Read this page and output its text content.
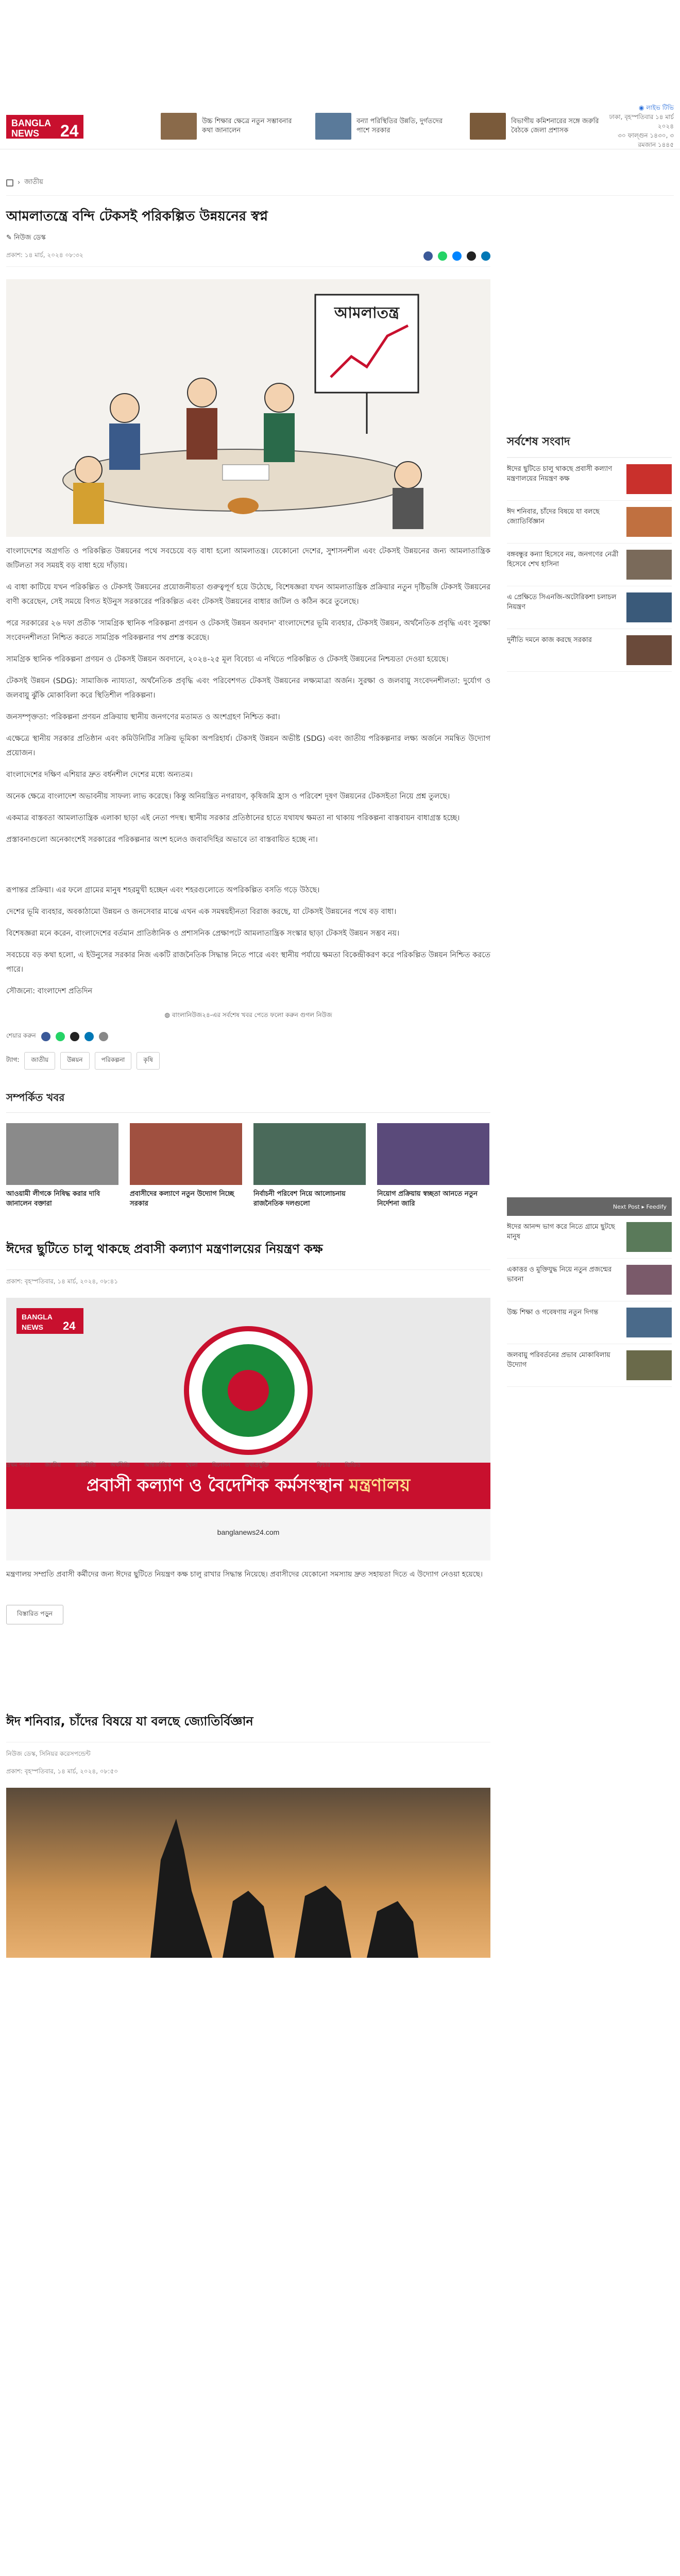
BANGLA
NEWS 24
উচ্চ শিক্ষার ক্ষেত্রে নতুন সম্ভাবনার কথা জানালেন
বন্যা পরিস্থিতির উন্নতি, দুর্গতদের পাশে সরকার
বিভাগীয় কমিশনারের সঙ্গে জরুরি বৈঠকে জেলা প্রশাসক
◉ লাইভ টিভি
ঢাকা, বৃহস্পতিবার ১৪ মার্চ ২০২৪
৩০ ফাল্গুন ১৪৩০, ৩ রমজান ১৪৪৫
› জাতীয়
আমলাতন্ত্রে বন্দি টেকসই পরিকল্পিত উন্নয়নের স্বপ্ন
✎ নিউজ ডেস্ক
প্রকাশ: ১৪ মার্চ, ২০২৪ ০৮:৩২
আমলাতন্ত্র

বাংলাদেশের অগ্রগতি ও পরিকল্পিত উন্নয়নের পথে সবচেয়ে বড় বাধা হলো আমলাতন্ত্র। যেকোনো দেশের, সুশাসনশীল এবং টেকসই উন্নয়নের জন্য আমলাতান্ত্রিক জটিলতা সব সময়ই বড় বাধা হয়ে দাঁড়ায়।

এ বাধা কাটিয়ে যখন পরিকল্পিত ও টেকসই উন্নয়নের প্রয়োজনীয়তা গুরুত্বপূর্ণ হয়ে উঠেছে, বিশেষজ্ঞরা যখন আমলাতান্ত্রিক প্রক্রিয়ার নতুন দৃষ্টিভঙ্গি টেকসই উন্নয়নের বাণী করেছেন, সেই সময়ে বিগত ইউনুস সরকারের পরিকল্পিত এবং টেকসই উন্নয়নের বাধার জটিল ও কঠিন করে তুলেছে।

পরে সরকারের ২৬ দফা প্রতীক 'সামগ্রিক স্থানিক পরিকল্পনা প্রণয়ন ও টেকসই উন্নয়ন অবদান' বাংলাদেশের ভূমি ব্যবহার, টেকসই উন্নয়ন, অর্থনৈতিক প্রবৃদ্ধি এবং সুরক্ষা সংবেদনশীলতা নিশ্চিত করতে সামগ্রিক পরিকল্পনার পথ প্রশস্ত করেছে।

সামগ্রিক স্থানিক পরিকল্পনা প্রণয়ন ও টেকসই উন্নয়ন অবদানে, ২০২৪-২৫ মূল বিবেচ্য এ নথিতে পরিকল্পিত ও টেকসই উন্নয়নের নিশ্চয়তা দেওয়া হয়েছে।

টেকসই উন্নয়ন (SDG): সামাজিক ন্যায্যতা, অর্থনৈতিক প্রবৃদ্ধি এবং পরিবেশগত টেকসই উন্নয়নের লক্ষ্যমাত্রা অর্জন। সুরক্ষা ও জলবায়ু সংবেদনশীলতা: দুর্যোগ ও জলবায়ু ঝুঁকি মোকাবিলা করে স্থিতিশীল পরিকল্পনা।

জনসম্পৃক্ততা: পরিকল্পনা প্রণয়ন প্রক্রিয়ায় স্থানীয় জনগণের মতামত ও অংশগ্রহণ নিশ্চিত করা।

এক্ষেত্রে স্থানীয় সরকার প্রতিষ্ঠান এবং কমিউনিটির সক্রিয় ভূমিকা অপরিহার্য। টেকসই উন্নয়ন অভীষ্ট (SDG) এবং জাতীয় পরিকল্পনার লক্ষ্য অর্জনে সমন্বিত উদ্যোগ প্রয়োজন।

বাংলাদেশের দক্ষিণ এশিয়ার দ্রুত বর্ধনশীল দেশের মধ্যে অন্যতম।

অনেক ক্ষেত্রে বাংলাদেশ অভাবনীয় সাফল্য লাভ করেছে। কিন্তু অনিয়ন্ত্রিত নগরায়ণ, কৃষিজমি হ্রাস ও পরিবেশ দূষণ উন্নয়নের টেকসইতা নিয়ে প্রশ্ন তুলছে।

একমাত্র বাস্তবতা আমলাতান্ত্রিক এলাকা ছাড়া এই নেতা পদস্থ। স্থানীয় সরকার প্রতিষ্ঠানের হাতে যথাযথ ক্ষমতা না থাকায় পরিকল্পনা বাস্তবায়ন বাধাগ্রস্ত হচ্ছে।

প্রস্তাবনাগুলো অনেকাংশেই সরকারের পরিকল্পনার অংশ হলেও জবাবদিহির অভাবে তা বাস্তবায়িত হচ্ছে না।

রূপান্তর প্রক্রিয়া। এর ফলে গ্রামের মানুষ শহরমুখী হচ্ছেন এবং শহরগুলোতে অপরিকল্পিত বসতি গড়ে উঠছে।

দেশের ভূমি ব্যবহার, অবকাঠামো উন্নয়ন ও জনসেবার মাঝে এখন এক সমন্বয়হীনতা বিরাজ করছে, যা টেকসই উন্নয়নের পথে বড় বাধা।

বিশেষজ্ঞরা মনে করেন, বাংলাদেশের বর্তমান প্রাতিষ্ঠানিক ও প্রশাসনিক প্রেক্ষাপটে আমলাতান্ত্রিক সংস্কার ছাড়া টেকসই উন্নয়ন সম্ভব নয়।

সবচেয়ে বড় কথা হলো, এ ইউনুসের সরকার নিজ একটি রাজনৈতিক সিদ্ধান্ত নিতে পারে এবং স্থানীয় পর্যায়ে ক্ষমতা বিকেন্দ্রীকরণ করে পরিকল্পিত উন্নয়ন নিশ্চিত করতে পারে।

সৌজন্যে: বাংলাদেশ প্রতিদিন

◍ বাংলানিউজ২৪-এর সর্বশেষ খবর পেতে ফলো করুন গুগল নিউজ
শেয়ার করুন
ট্যাগ:	জাতীয়	উন্নয়ন	পরিকল্পনা	কৃষি
সম্পর্কিত খবর
আওয়ামী লীগকে নিষিদ্ধ করার দাবি জানালেন বক্তারা
প্রবাসীদের কল্যাণে নতুন উদ্যোগ নিচ্ছে সরকার
নির্বাচনী পরিবেশ নিয়ে আলোচনায় রাজনৈতিক দলগুলো
নিয়োগ প্রক্রিয়ায় স্বচ্ছতা আনতে নতুন নির্দেশনা জারি
ঈদের ছুটিতে চালু থাকছে প্রবাসী কল্যাণ মন্ত্রণালয়ের নিয়ন্ত্রণ কক্ষ
প্রকাশ: বৃহস্পতিবার, ১৪ মার্চ, ২০২৪, ০৮:৪১
BANGLA
NEWS 24
প্রবাসী কল্যাণ ও বৈদেশিক কর্মসংস্থান মন্ত্রণালয়
banglanews24.com

মন্ত্রণালয় সম্প্রতি প্রবাসী কর্মীদের জন্য ঈদের ছুটিতে নিয়ন্ত্রণ কক্ষ চালু রাখার সিদ্ধান্ত নিয়েছে। প্রবাসীদের যেকোনো সমস্যায় দ্রুত সহায়তা দিতে এ উদ্যোগ নেওয়া হয়েছে।

বিস্তারিত পড়ুন
ঈদ শনিবার, চাঁদের বিষয়ে যা বলছে জ্যোতির্বিজ্ঞান
নিউজ ডেস্ক, সিনিয়র করেসপন্ডেন্ট
প্রকাশ: বৃহস্পতিবার, ১৪ মার্চ, ২০২৪, ০৮:৫০
সর্বশেষ সংবাদ
ঈদের ছুটিতে চালু থাকছে প্রবাসী কল্যাণ মন্ত্রণালয়ের নিয়ন্ত্রণ কক্ষ
ঈদ শনিবার, চাঁদের বিষয়ে যা বলছে জ্যোতির্বিজ্ঞান
বঙ্গবন্ধুর কন্যা হিসেবে নয়, জনগণের নেত্রী হিসেবে শেখ হাসিনা
এ প্রেক্ষিতে সিএনজি-অটোরিকশা চলাচল নিয়ন্ত্রণ
দুর্নীতি দমনে কাজ করছে সরকার
Next Post ▸ Feedify
ঈদের আনন্দ ভাগ করে নিতে গ্রামে ছুটছে মানুষ
একাত্তর ও মুক্তিযুদ্ধ নিয়ে নতুন প্রজন্মের ভাবনা
উচ্চ শিক্ষা ও গবেষণায় নতুন দিগন্ত
জলবায়ু পরিবর্তনের প্রভাব মোকাবিলায় উদ্যোগ
প্রথম পাতা	জাতীয়	রাজনীতি	অর্থনীতি	আন্তর্জাতিক	খেলা	বিনোদন	তথ্যপ্রযুক্তি	সারাদেশ	ফিচার	ভিডিও
